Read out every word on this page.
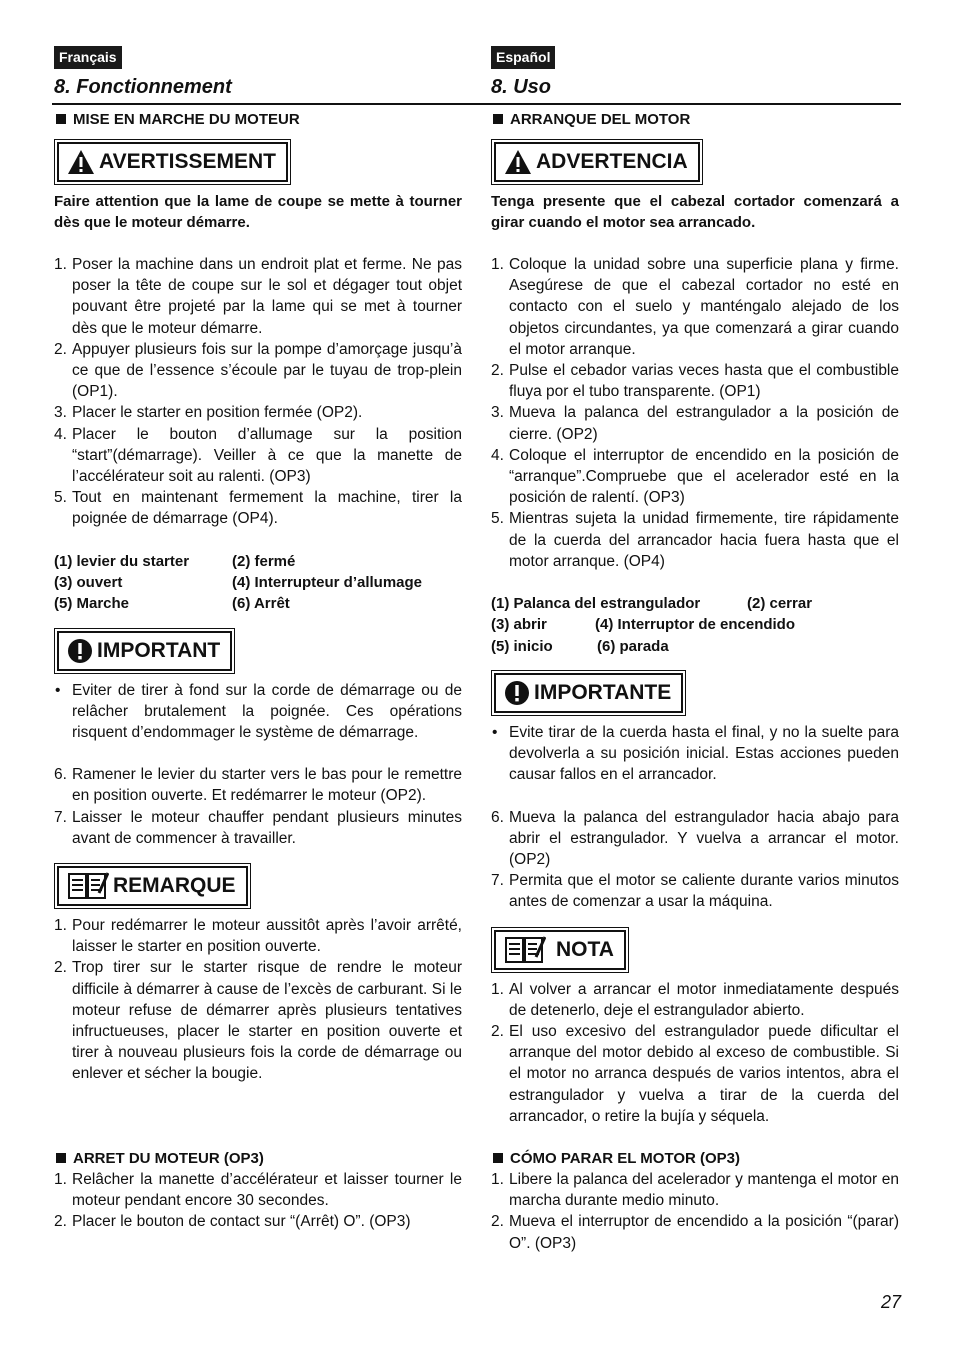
Français
8. Fonctionnement
MISE EN MARCHE DU MOTEUR
AVERTISSEMENT

Faire attention que la lame de coupe se mette à tourner dès que le moteur démarre.

1. Poser la machine dans un endroit plat et ferme. Ne pas poser la tête de coupe sur le sol et dégager tout objet pouvant être projeté par la lame qui se met à tourner dès que le moteur démarre.
2. Appuyer plusieurs fois sur la pompe d’amorçage jusqu’à ce que de l’essence s’écoule par le tuyau de trop-plein (OP1).
3. Placer le starter en position fermée (OP2).
4. Placer le bouton d’allumage sur la position “start”(démarrage). Veiller à ce que la manette de l’accélérateur soit au ralenti. (OP3)
5. Tout en maintenant fermement la machine, tirer la poignée de démarrage (OP4).
(1) levier du starter	(2) fermé
(3) ouvert	(4) Interrupteur d’allumage
(5) Marche	(6) Arrêt
IMPORTANT
• Eviter de tirer à fond sur la corde de démarrage ou de relâcher brutalement la poignée. Ces opérations risquent d’endommager le système de démarrage.
6. Ramener le levier du starter vers le bas pour le remettre en position ouverte. Et redémarrer le moteur (OP2).
7. Laisser le moteur chauffer pendant plusieurs minutes avant de commencer à travailler.
REMARQUE
1. Pour redémarrer le moteur aussitôt après l’avoir arrêté, laisser le starter en position ouverte.
2. Trop tirer sur le starter risque de rendre le moteur difficile à démarrer à cause de l’excès de carburant. Si le moteur refuse de démarrer après plusieurs tentatives infructueuses, placer le starter en position ouverte et tirer à nouveau plusieurs fois la corde de démarrage ou enlever et sécher la bougie.
ARRET DU MOTEUR (OP3)
1. Relâcher la manette d’accélérateur et laisser tourner le moteur pendant encore 30 secondes.
2. Placer le bouton de contact sur “(Arrêt) O”. (OP3)
Español
8. Uso
ARRANQUE DEL MOTOR
ADVERTENCIA

Tenga presente que el cabezal cortador comenzará a girar cuando el motor sea arrancado.

1. Coloque la unidad sobre una superficie plana y firme. Asegúrese de que el cabezal cortador no esté en contacto con el suelo y manténgalo alejado de los objetos circundantes, ya que comenzará a girar cuando el motor arranque.
2. Pulse el cebador varias veces hasta que el combustible fluya por el tubo transparente. (OP1)
3. Mueva la palanca del estrangulador a la posición de cierre. (OP2)
4. Coloque el interruptor de encendido en la posición de “arranque”.Compruebe que el acelerador esté en la posición de ralentí. (OP3)
5. Mientras sujeta la unidad firmemente, tire rápidamente de la cuerda del arrancador hacia fuera hasta que el motor arranque. (OP4)
(1) Palanca del estrangulador	(2) cerrar
(3) abrir	(4) Interruptor de encendido
(5) inicio	(6) parada
IMPORTANTE
• Evite tirar de la cuerda hasta el final, y no la suelte para devolverla a su posición inicial. Estas acciones pueden causar fallos en el arrancador.
6. Mueva la palanca del estrangulador hacia abajo para abrir el estrangulador. Y vuelva a arrancar el motor. (OP2)
7. Permita que el motor se caliente durante varios minutos antes de comenzar a usar la máquina.
NOTA
1. Al volver a arrancar el motor inmediatamente después de detenerlo, deje el estrangulador abierto.
2. El uso excesivo del estrangulador puede dificultar el arranque del motor debido al exceso de combustible. Si el motor no arranca después de varios intentos, abra el estrangulador y vuelva a tirar de la cuerda del arrancador, o retire la bujía y séquela.
CÓMO PARAR EL MOTOR (OP3)
1. Libere la palanca del acelerador y mantenga el motor en marcha durante medio minuto.
2. Mueva el interruptor de encendido a la posición “(parar) O”. (OP3)
27
